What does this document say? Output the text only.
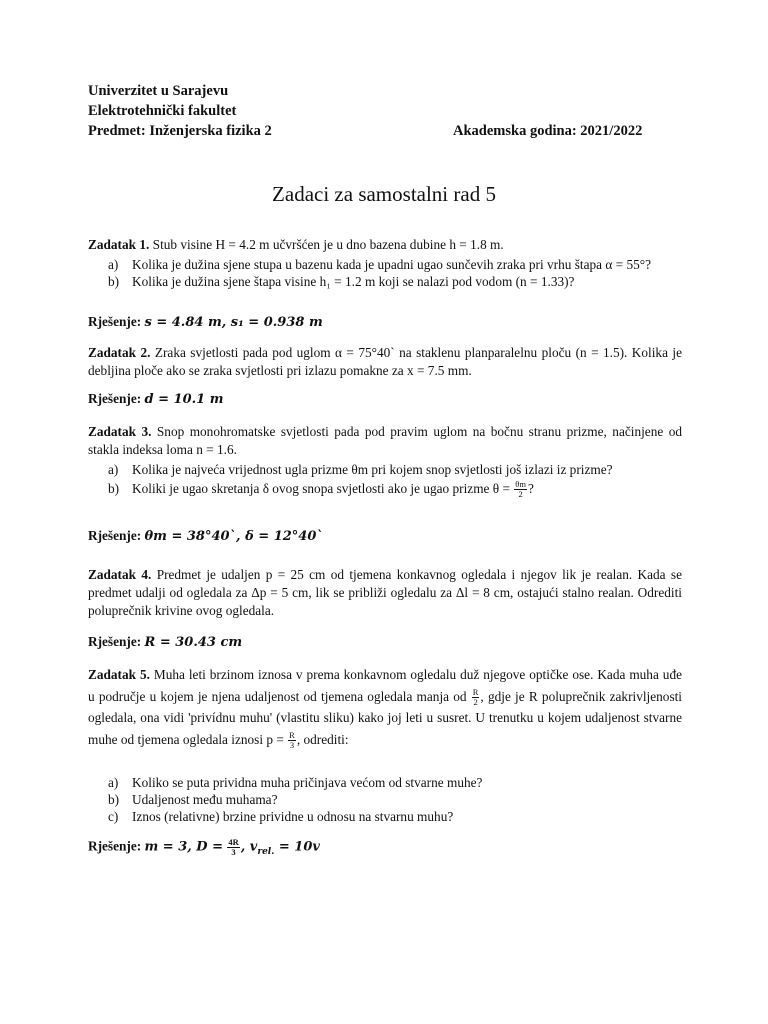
Univerzitet u Sarajevu
Elektrotehnički fakultet
Predmet: Inženjerska fizika 2	Akademska godina: 2021/2022
Zadaci za samostalni rad 5
Zadatak 1. Stub visine H = 4.2 m učvršćen je u dno bazena dubine h = 1.8 m.
a)	Kolika je dužina sjene stupa u bazenu kada je upadni ugao sunčevih zraka pri vrhu štapa α = 55°?
b) Kolika je dužina sjene štapa visine h₁ = 1.2 m koji se nalazi pod vodom (n = 1.33)?
Rješenje: s = 4.84 m, s₁ = 0.938 m
Zadatak 2. Zraka svjetlosti pada pod uglom α = 75°40` na staklenu planparalelnu ploču (n = 1.5). Kolika je debljina ploče ako se zraka svjetlosti pri izlazu pomakne za x = 7.5 mm.
Rješenje: d = 10.1 m
Zadatak 3. Snop monohromatske svjetlosti pada pod pravim uglom na bočnu stranu prizme, načinjene od stakla indeksa loma n = 1.6.
a)	Kolika je najveća vrijednost ugla prizme θm pri kojem snop svjetlosti još izlazi iz prizme?
b) Koliki je ugao skretanja δ ovog snopa svjetlosti ako je ugao prizme $\theta = \frac{\theta m}{2}$ ?
Rješenje: θm = 38°40`, δ = 12°40`
Zadatak 4. Predmet je udaljen p = 25 cm od tjemena konkavnog ogledala i njegov lik je realan. Kada se predmet udalji od ogledala za Δp = 5 cm, lik se približi ogledalu za Δl = 8 cm, ostajući stalno realan. Odrediti poluprečnik krivine ovog ogledala.
Rješenje: R = 30.43 cm
Zadatak 5. Muha leti brzinom iznosa v prema konkavnom ogledalu duž njegove optičke ose. Kada muha uđe u područje u kojem je njena udaljenost od tjemena ogledala manja od $\frac{R}{2}$ , gdje je R poluprečnik zakrivljenosti ogledala, ona vidi 'privídnu muhu' (vlastitu sliku) kako joj leti u susret. U trenutku u kojem udaljenost stvarne muhe od tjemena ogledala iznosi $p = \frac{R}{3}$ , odrediti:
a)	Koliko se puta prividna muha pričinjava većom od stvarne muhe?
b) Udaljenost među muhama?
c)	Iznos (relativne) brzine prividne u odnosu na stvarnu muhu?
Rješenje: m = 3, $D = \frac{4R}{3}$ , $v_{rel.} = 10v$
